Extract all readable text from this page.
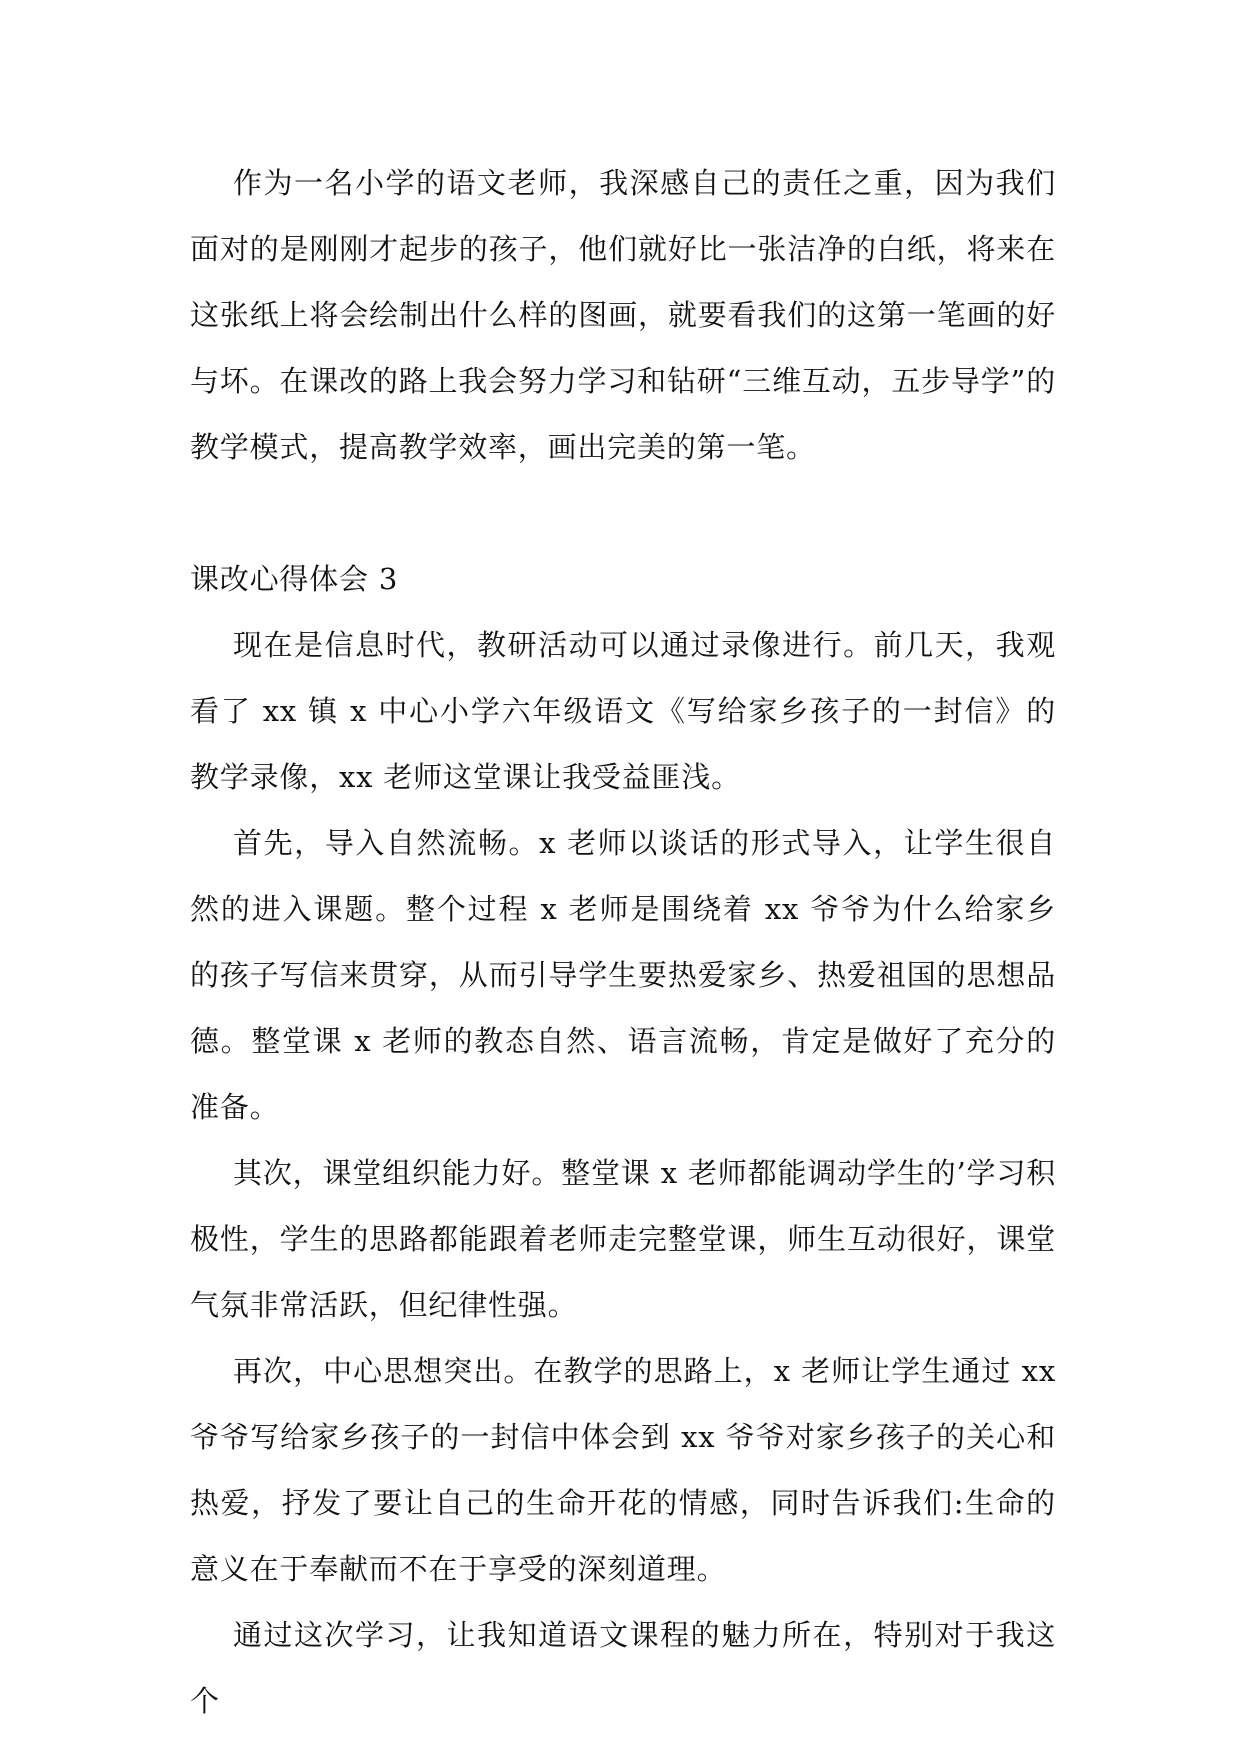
作为一名小学的语文老师，我深感自己的责任之重，因为我们面对的是刚刚才起步的孩子，他们就好比一张洁净的白纸，将来在这张纸上将会绘制出什么样的图画，就要看我们的这第一笔画的好与坏。在课改的路上我会努力学习和钻研“三维互动，五步导学”的教学模式，提高教学效率，画出完美的第一笔。

课改心得体会 3

现在是信息时代，教研活动可以通过录像进行。前几天，我观看了 xx 镇 x 中心小学六年级语文《写给家乡孩子的一封信》的教学录像，xx 老师这堂课让我受益匪浅。

首先，导入自然流畅。x 老师以谈话的形式导入，让学生很自然的进入课题。整个过程 x 老师是围绕着 xx 爷爷为什么给家乡的孩子写信来贯穿，从而引导学生要热爱家乡、热爱祖国的思想品德。整堂课 x 老师的教态自然、语言流畅，肯定是做好了充分的准备。

其次，课堂组织能力好。整堂课 x 老师都能调动学生的’学习积极性，学生的思路都能跟着老师走完整堂课，师生互动很好，课堂气氛非常活跃，但纪律性强。

再次，中心思想突出。在教学的思路上，x 老师让学生通过 xx 爷爷写给家乡孩子的一封信中体会到 xx 爷爷对家乡孩子的关心和热爱，抒发了要让自己的生命开花的情感，同时告诉我们:生命的意义在于奉献而不在于享受的深刻道理。

通过这次学习，让我知道语文课程的魅力所在，特别对于我这个
